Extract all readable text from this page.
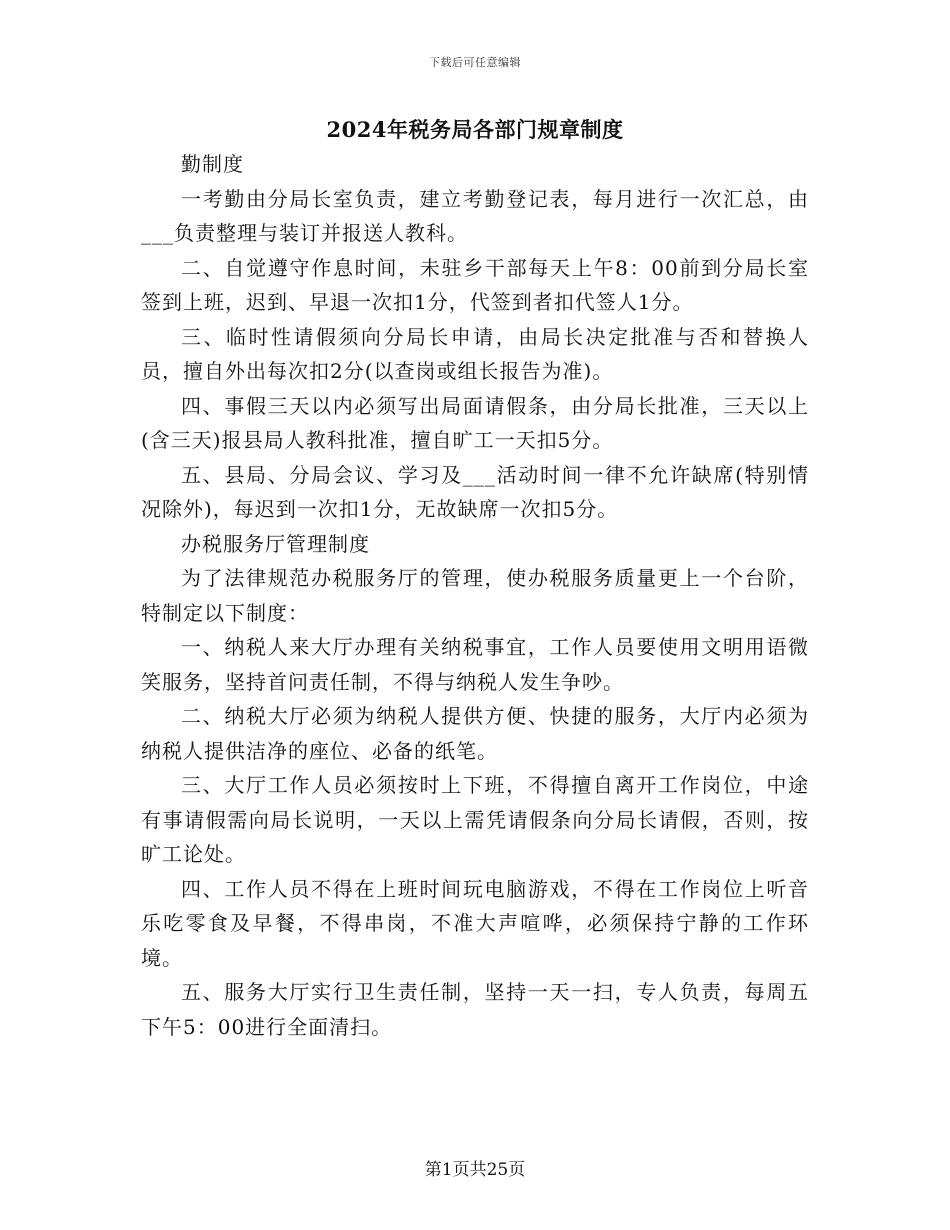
下载后可任意编辑
2024年税务局各部门规章制度

勤制度

一考勤由分局长室负责，建立考勤登记表，每月进行一次汇总，由___负责整理与装订并报送人教科。

二、自觉遵守作息时间，未驻乡干部每天上午8：00前到分局长室签到上班，迟到、早退一次扣1分，代签到者扣代签人1分。

三、临时性请假须向分局长申请，由局长决定批准与否和替换人员，擅自外出每次扣2分(以查岗或组长报告为准)。

四、事假三天以内必须写出局面请假条，由分局长批准，三天以上(含三天)报县局人教科批准，擅自旷工一天扣5分。

五、县局、分局会议、学习及___活动时间一律不允许缺席(特别情况除外)，每迟到一次扣1分，无故缺席一次扣5分。

办税服务厅管理制度

为了法律规范办税服务厅的管理，使办税服务质量更上一个台阶，特制定以下制度：

一、纳税人来大厅办理有关纳税事宜，工作人员要使用文明用语微笑服务，坚持首问责任制，不得与纳税人发生争吵。

二、纳税大厅必须为纳税人提供方便、快捷的服务，大厅内必须为纳税人提供洁净的座位、必备的纸笔。

三、大厅工作人员必须按时上下班，不得擅自离开工作岗位，中途有事请假需向局长说明，一天以上需凭请假条向分局长请假，否则，按旷工论处。

四、工作人员不得在上班时间玩电脑游戏，不得在工作岗位上听音乐吃零食及早餐，不得串岗，不准大声喧哗，必须保持宁静的工作环境。

五、服务大厅实行卫生责任制，坚持一天一扫，专人负责，每周五下午5：00进行全面清扫。

第1页共25页
